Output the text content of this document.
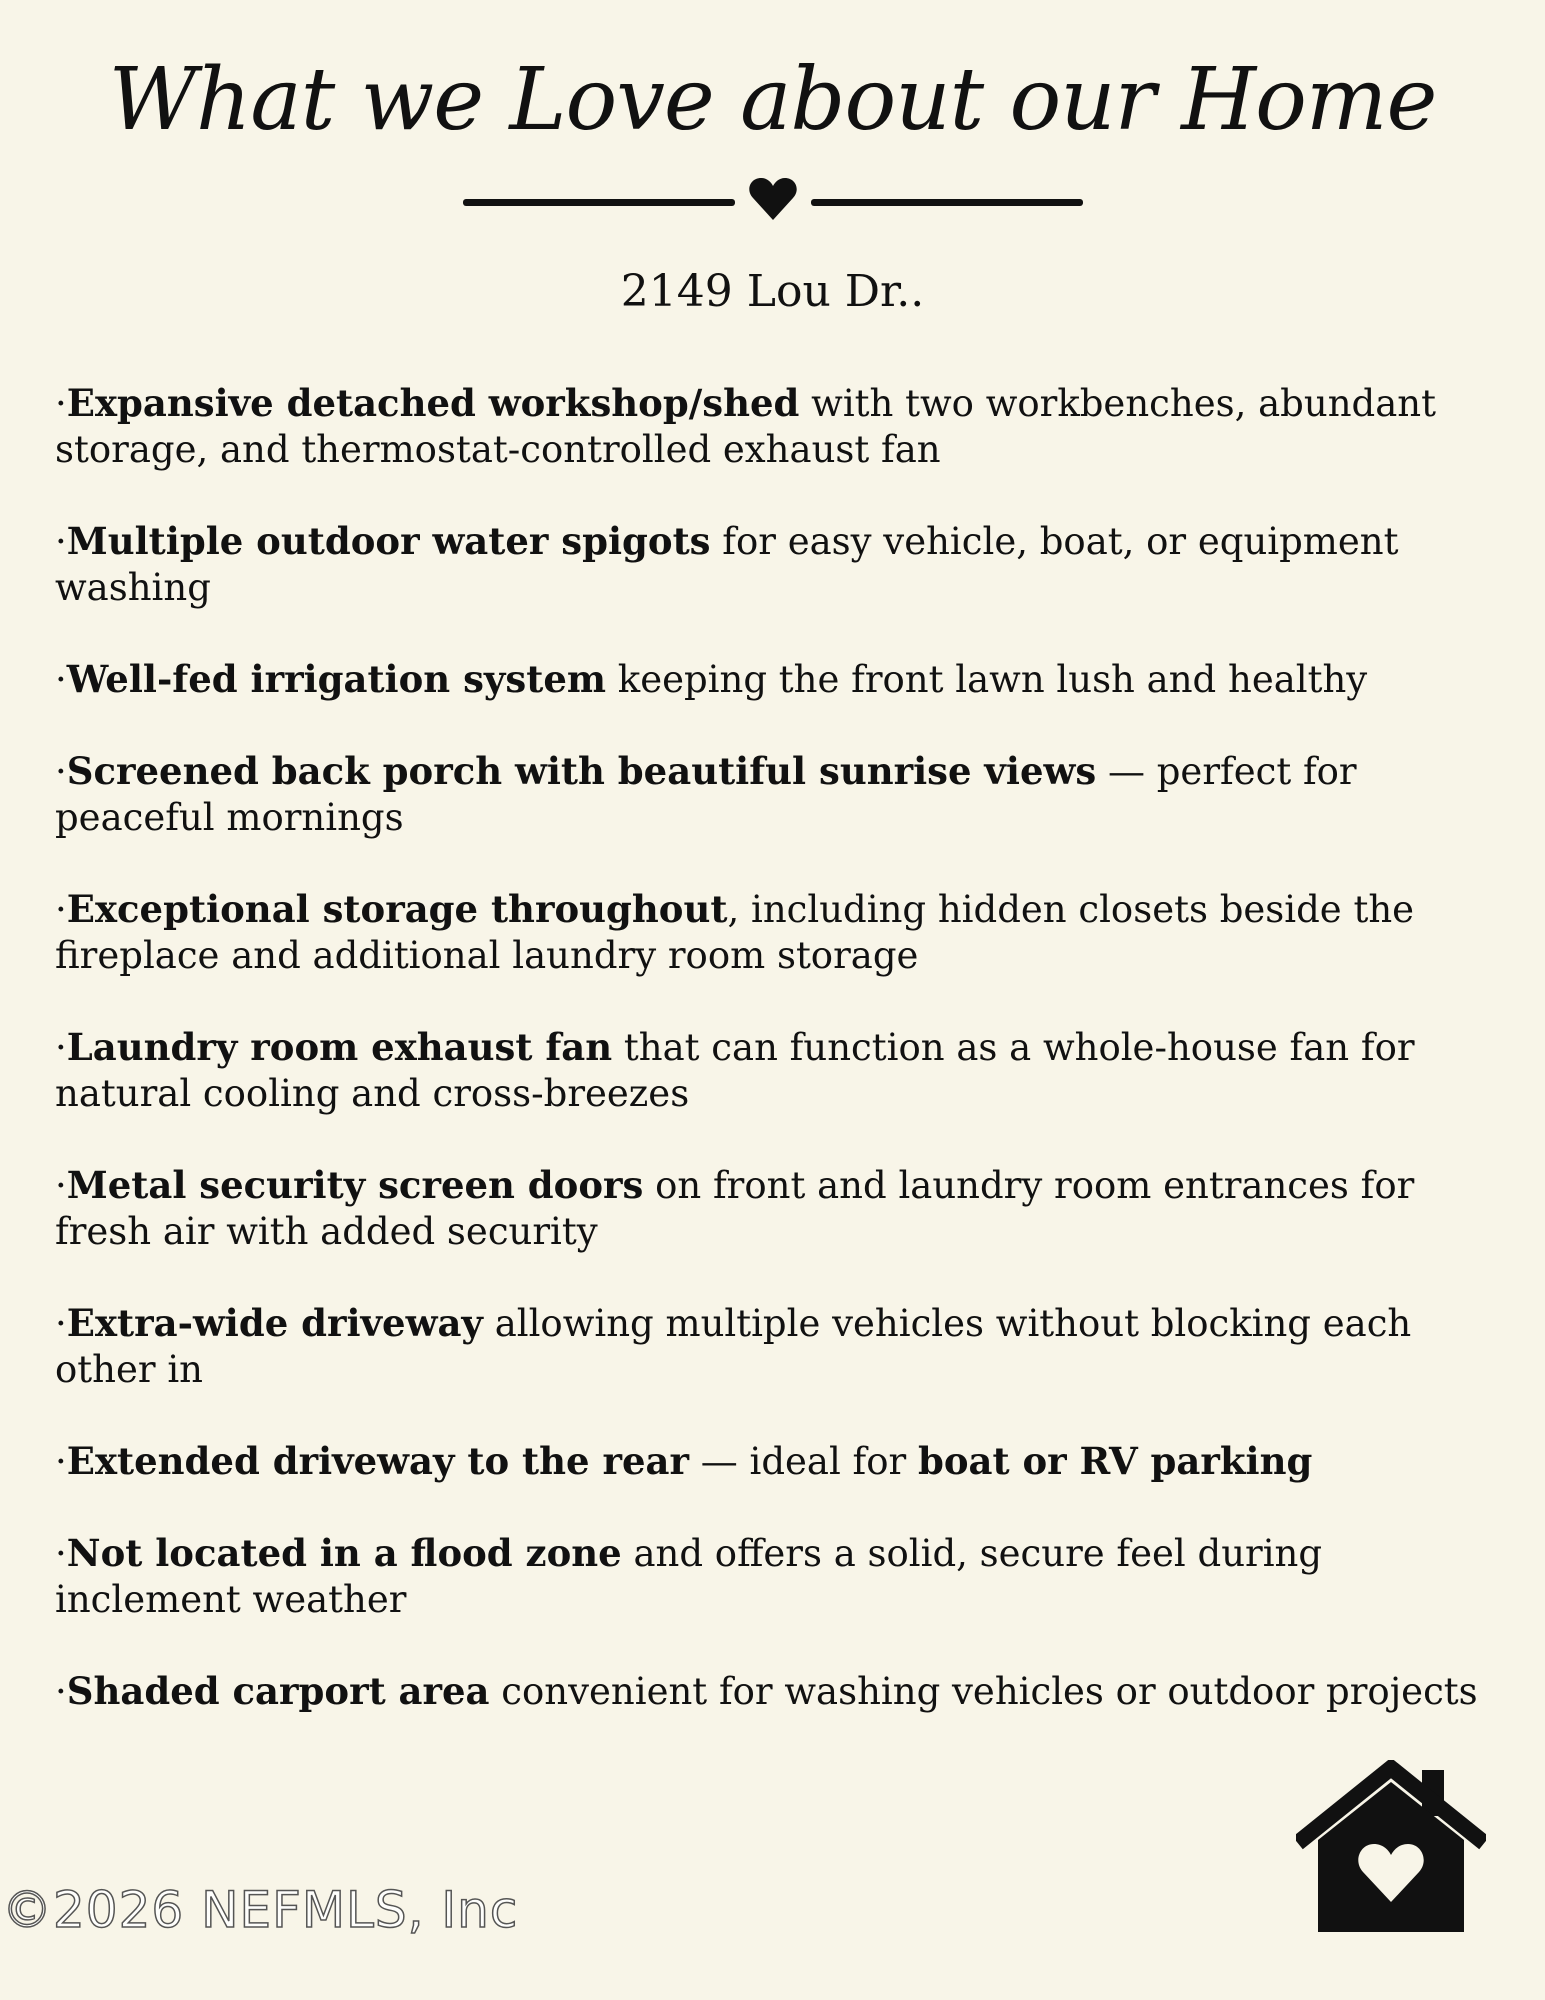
What we Love about our Home
2149 Lou Dr..
·Expansive detached workshop/shed with two workbenches, abundant storage, and thermostat-controlled exhaust fan
·Multiple outdoor water spigots for easy vehicle, boat, or equipment washing
·Well-fed irrigation system keeping the front lawn lush and healthy
·Screened back porch with beautiful sunrise views — perfect for peaceful mornings
·Exceptional storage throughout, including hidden closets beside the fireplace and additional laundry room storage
·Laundry room exhaust fan that can function as a whole-house fan for natural cooling and cross-breezes
·Metal security screen doors on front and laundry room entrances for fresh air with added security
·Extra-wide driveway allowing multiple vehicles without blocking each other in
·Extended driveway to the rear — ideal for boat or RV parking
·Not located in a flood zone and offers a solid, secure feel during inclement weather
·Shaded carport area convenient for washing vehicles or outdoor projects
©2026 NEFMLS, Inc
